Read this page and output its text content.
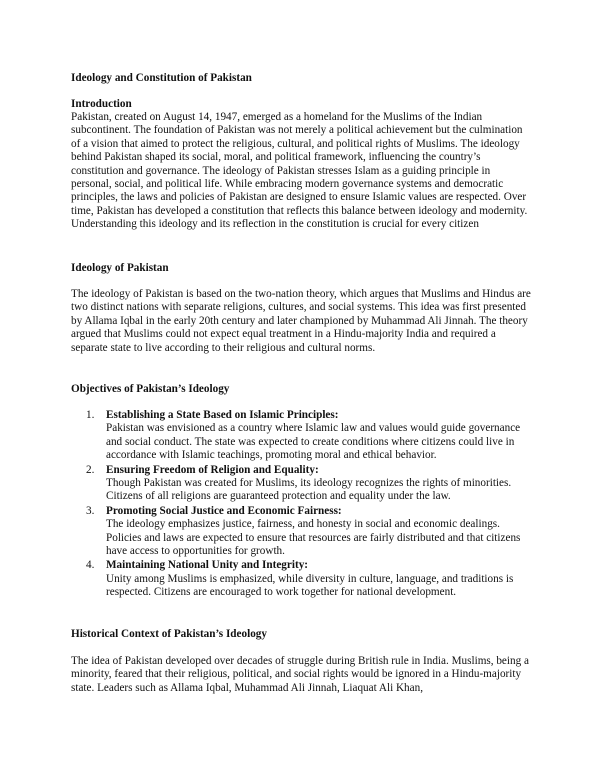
Ideology and Constitution of Pakistan
Introduction

Pakistan, created on August 14, 1947, emerged as a homeland for the Muslims of the Indian subcontinent. The foundation of Pakistan was not merely a political achievement but the culmination of a vision that aimed to protect the religious, cultural, and political rights of Muslims. The ideology behind Pakistan shaped its social, moral, and political framework, influencing the country’s constitution and governance. The ideology of Pakistan stresses Islam as a guiding principle in personal, social, and political life. While embracing modern governance systems and democratic principles, the laws and policies of Pakistan are designed to ensure Islamic values are respected. Over time, Pakistan has developed a constitution that reflects this balance between ideology and modernity. Understanding this ideology and its reflection in the constitution is crucial for every citizen

Ideology of Pakistan

The ideology of Pakistan is based on the two-nation theory, which argues that Muslims and Hindus are two distinct nations with separate religions, cultures, and social systems. This idea was first presented by Allama Iqbal in the early 20th century and later championed by Muhammad Ali Jinnah. The theory argued that Muslims could not expect equal treatment in a Hindu-majority India and required a separate state to live according to their religious and cultural norms.

Objectives of Pakistan’s Ideology
1. Establishing a State Based on Islamic Principles:
Pakistan was envisioned as a country where Islamic law and values would guide governance and social conduct. The state was expected to create conditions where citizens could live in accordance with Islamic teachings, promoting moral and ethical behavior.
2. Ensuring Freedom of Religion and Equality:
Though Pakistan was created for Muslims, its ideology recognizes the rights of minorities. Citizens of all religions are guaranteed protection and equality under the law.
3. Promoting Social Justice and Economic Fairness:
The ideology emphasizes justice, fairness, and honesty in social and economic dealings. Policies and laws are expected to ensure that resources are fairly distributed and that citizens have access to opportunities for growth.
4. Maintaining National Unity and Integrity:
Unity among Muslims is emphasized, while diversity in culture, language, and traditions is respected. Citizens are encouraged to work together for national development.
Historical Context of Pakistan’s Ideology

The idea of Pakistan developed over decades of struggle during British rule in India. Muslims, being a minority, feared that their religious, political, and social rights would be ignored in a Hindu-majority state. Leaders such as Allama Iqbal, Muhammad Ali Jinnah, Liaquat Ali Khan,
